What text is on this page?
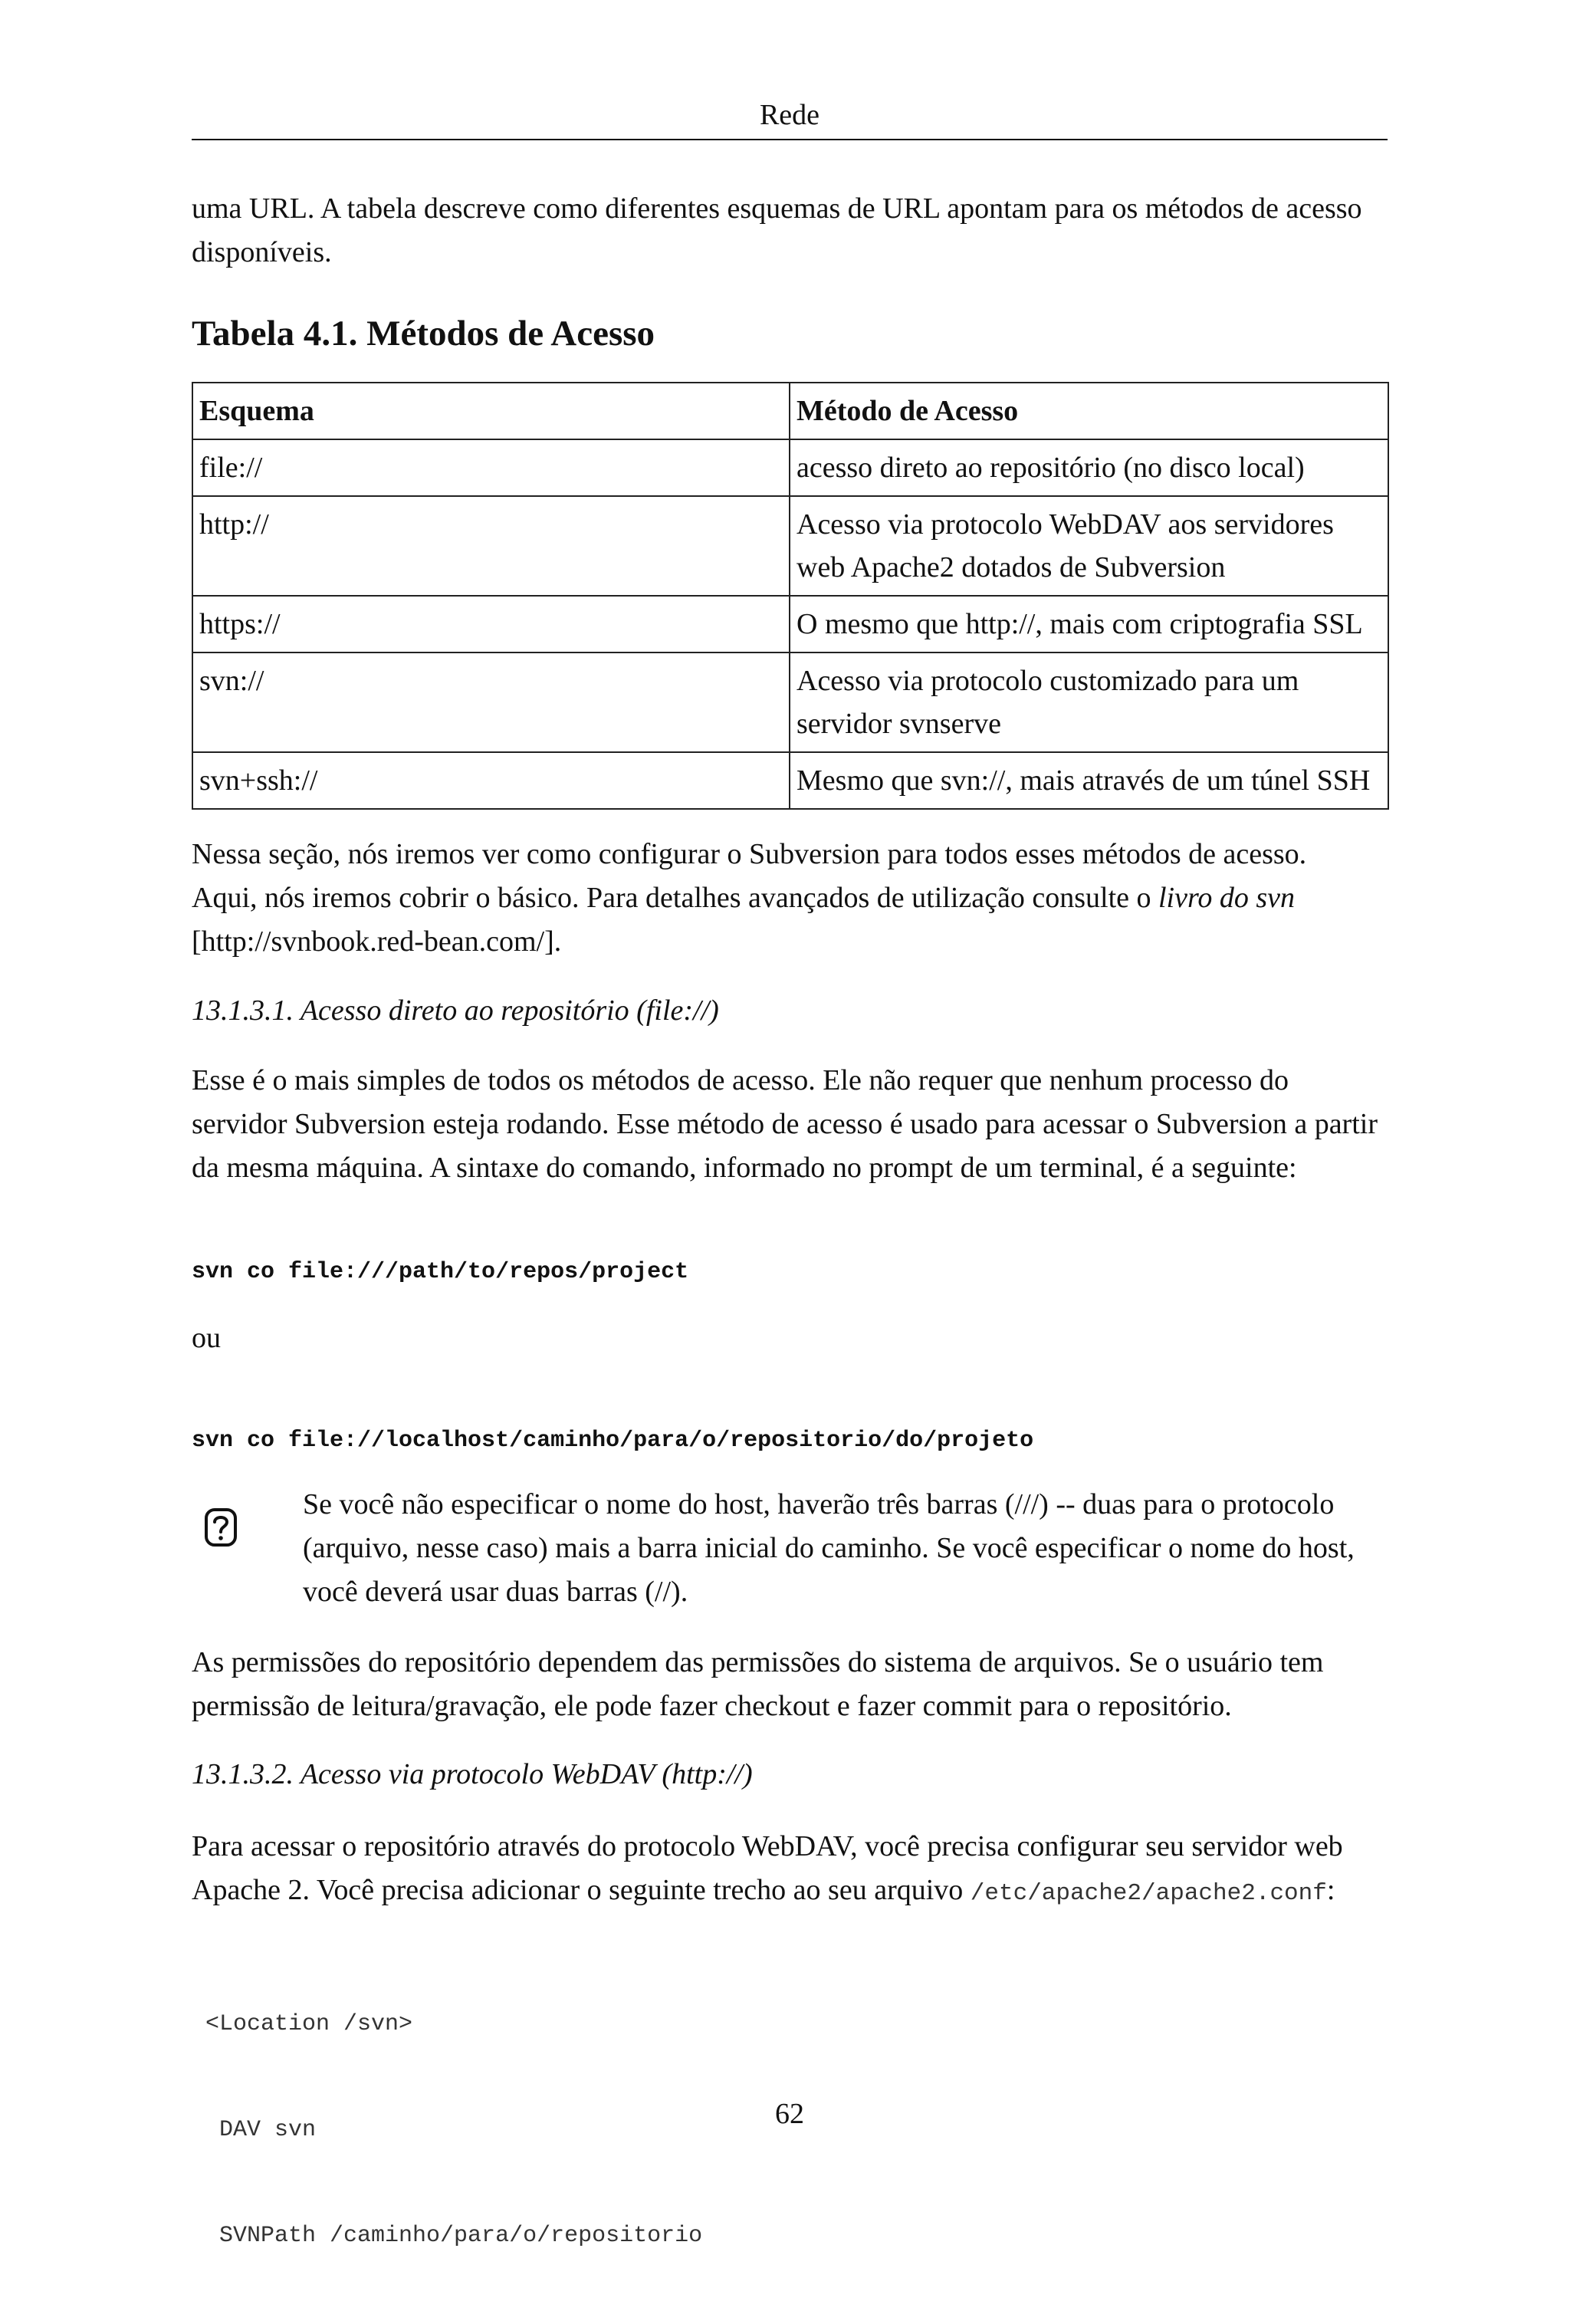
Rede
uma URL. A tabela descreve como diferentes esquemas de URL apontam para os métodos de acesso
disponíveis.
Tabela 4.1. Métodos de Acesso
Esquema	Método de Acesso
file://	acesso direto ao repositório (no disco local)

http://	Acesso via protocolo WebDAV aos servidores
web Apache2 dotados de Subversion

https://	O mesmo que http://, mais com criptografia SSL

svn://	Acesso via protocolo customizado para um
servidor svnserve

svn+ssh://	Mesmo que svn://, mais através de um túnel SSH
Nessa seção, nós iremos ver como configurar o Subversion para todos esses métodos de acesso.
Aqui, nós iremos cobrir o básico. Para detalhes avançados de utilização consulte o livro do svn
[http://svnbook.red-bean.com/].
13.1.3.1. Acesso direto ao repositório (file://)
Esse é o mais simples de todos os métodos de acesso. Ele não requer que nenhum processo do
servidor Subversion esteja rodando. Esse método de acesso é usado para acessar o Subversion a partir
da mesma máquina. A sintaxe do comando, informado no prompt de um terminal, é a seguinte:
svn co file:///path/to/repos/project
ou
svn co file://localhost/caminho/para/o/repositorio/do/projeto
Se você não especificar o nome do host, haverão três barras (///) -- duas para o protocolo
(arquivo, nesse caso) mais a barra inicial do caminho. Se você especificar o nome do host,
você deverá usar duas barras (//).
As permissões do repositório dependem das permissões do sistema de arquivos. Se o usuário tem
permissão de leitura/gravação, ele pode fazer checkout e fazer commit para o repositório.
13.1.3.2. Acesso via protocolo WebDAV (http://)
Para acessar o repositório através do protocolo WebDAV, você precisa configurar seu servidor web
Apache 2. Você precisa adicionar o seguinte trecho ao seu arquivo /etc/apache2/apache2.conf:

<Location /svn>

DAV svn

SVNPath /caminho/para/o/repositorio

62
